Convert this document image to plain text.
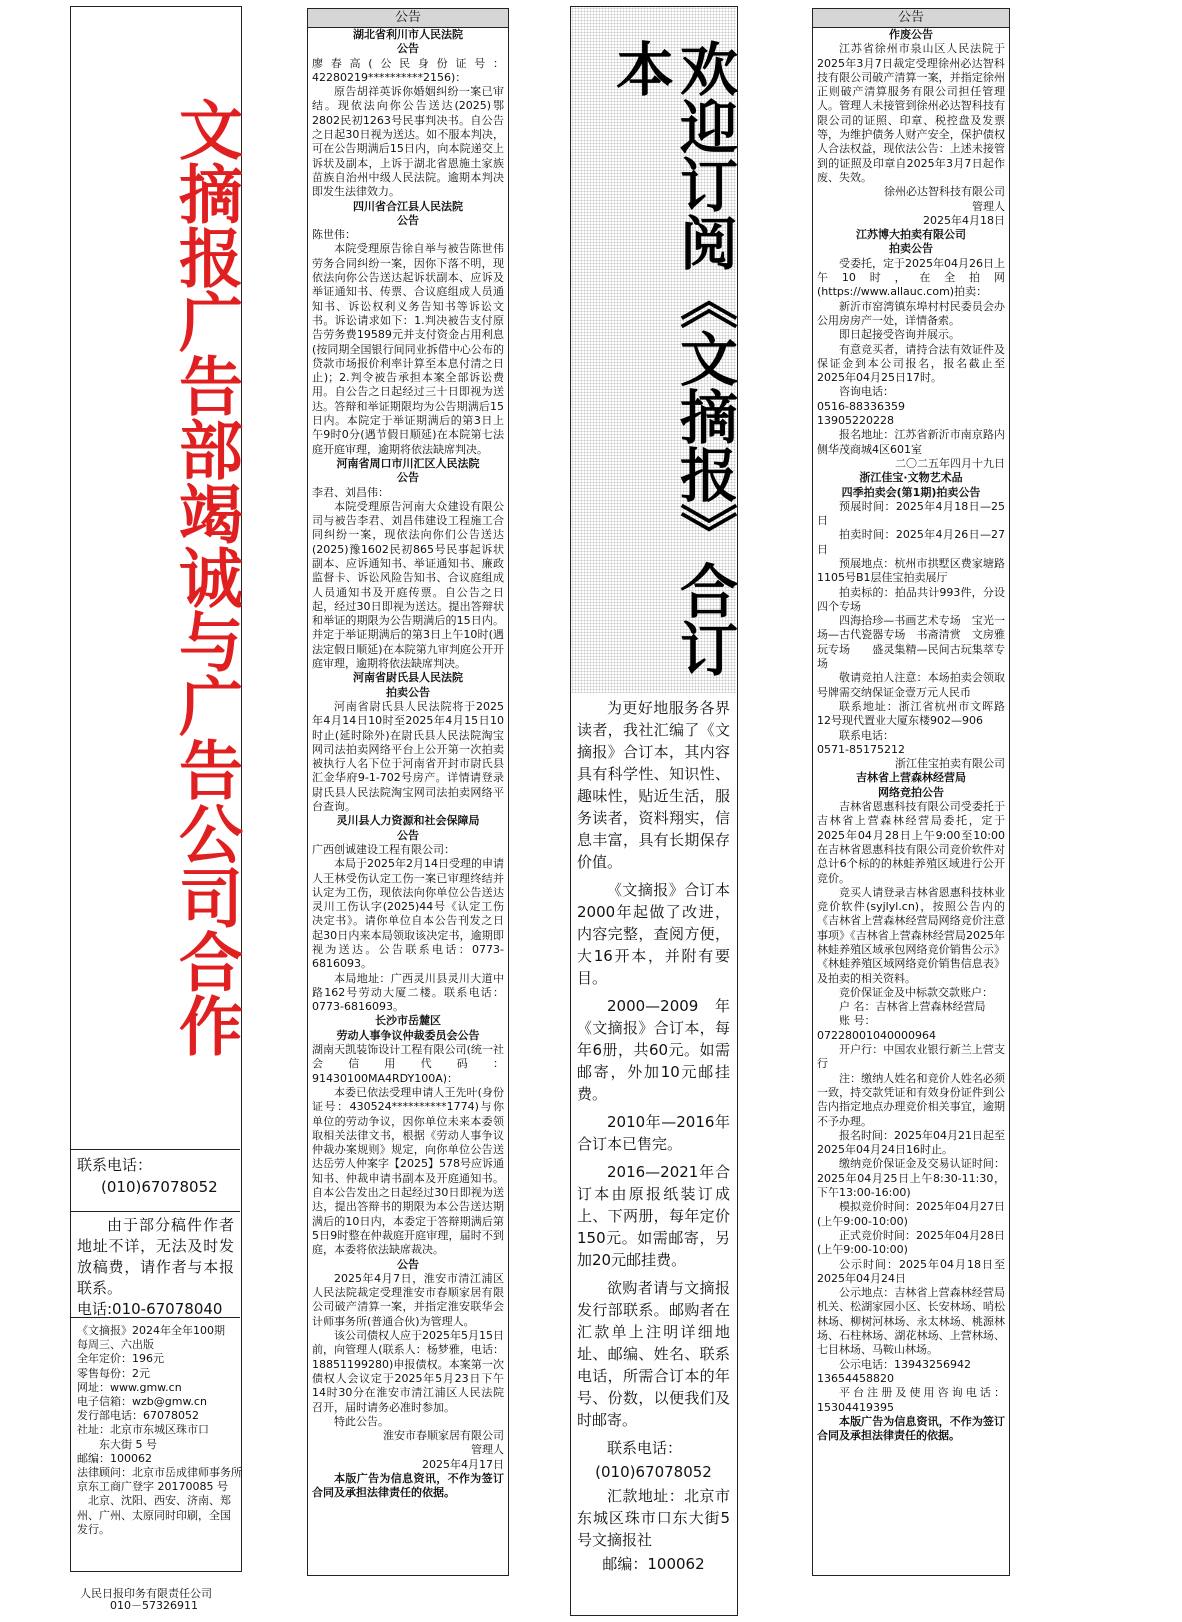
文摘报广告部竭诚与广告公司合作
联系电话：
(010)67078052

由于部分稿件作者地址不详，无法及时发放稿费，请作者与本报联系。

电话:010-67078040
《文摘报》2024年全年100期
每周三、六出版
全年定价：196元
零售每份：2元
网址：www.gmw.cn
电子信箱：wzb@gmw.cn
发行部电话：67078052
社址：北京市东城区珠市口
　　东大街 5 号
邮编：100062
法律顾问：北京市岳成律师事务所
京东工商广登字 20170085 号
　北京、沈阳、西安、济南、郑州、广州、太原同时印刷，全国发行。
人民日报印务有限责任公司
010－57326911
公告

湖北省利川市人民法院
公告

廖春高(公民身份证号：42280219**********2156)：

原告胡祥英诉你婚姻纠纷一案已审结。现依法向你公告送达(2025)鄂2802民初1263号民事判决书。自公告之日起30日视为送达。如不服本判决，可在公告期满后15日内，向本院递交上诉状及副本，上诉于湖北省恩施土家族苗族自治州中级人民法院。逾期本判决即发生法律效力。

四川省合江县人民法院
公告

陈世伟：

本院受理原告徐自举与被告陈世伟劳务合同纠纷一案，因你下落不明，现依法向你公告送达起诉状副本、应诉及举证通知书、传票、合议庭组成人员通知书、诉讼权利义务告知书等诉讼文书。诉讼请求如下：1.判决被告支付原告劳务费19589元并支付资金占用利息(按同期全国银行间同业拆借中心公布的贷款市场报价利率计算至本息付清之日止)；2.判令被告承担本案全部诉讼费用。自公告之日起经过三十日即视为送达。答辩和举证期限均为公告期满后15日内。本院定于举证期满后的第3日上午9时0分(遇节假日顺延)在本院第七法庭开庭审理，逾期将依法缺席判决。

河南省周口市川汇区人民法院
公告

李君、刘昌伟：

本院受理原告河南大众建设有限公司与被告李君、刘昌伟建设工程施工合同纠纷一案，现依法向你们公告送达(2025)豫1602民初865号民事起诉状副本、应诉通知书、举证通知书、廉政监督卡、诉讼风险告知书、合议庭组成人员通知书及开庭传票。自公告之日起，经过30日即视为送达。提出答辩状和举证的期限为公告期满后的15日内。并定于举证期满后的第3日上午10时(遇法定假日顺延)在本院第九审判庭公开开庭审理，逾期将依法缺席判决。

河南省尉氏县人民法院
拍卖公告

河南省尉氏县人民法院将于2025年4月14日10时至2025年4月15日10时止(延时除外)在尉氏县人民法院淘宝网司法拍卖网络平台上公开第一次拍卖被执行人名下位于河南省开封市尉氏县汇金华府9-1-702号房产。详情请登录尉氏县人民法院淘宝网司法拍卖网络平台查询。

灵川县人力资源和社会保障局
公告

广西创诚建设工程有限公司：

本局于2025年2月14日受理的申请人王林受伤认定工伤一案已审理终结并认定为工伤，现依法向你单位公告送达灵川工伤认字(2025)44号《认定工伤决定书》。请你单位自本公告刊发之日起30日内来本局领取该决定书，逾期即视为送达。公告联系电话：0773-6816093。

本局地址：广西灵川县灵川大道中路162号劳动大厦二楼。联系电话：0773-6816093。

长沙市岳麓区
劳动人事争议仲裁委员会公告

湖南天凯装饰设计工程有限公司(统一社会信用代码：91430100MA4RDY100A)：

本委已依法受理申请人王先叶(身份证号：430524**********1774)与你单位的劳动争议，因你单位未来本委领取相关法律文书，根据《劳动人事争议仲裁办案规则》规定，向你单位公告送达岳劳人仲案字【2025】578号应诉通知书、仲裁申请书副本及开庭通知书。自本公告发出之日起经过30日即视为送达，提出答辩书的期限为本公告送达期满后的10日内，本委定于答辩期满后第5日9时整在仲裁庭开庭审理，届时不到庭，本委将依法缺席裁决。

公告

2025年4月7日，淮安市清江浦区人民法院裁定受理淮安市春顺家居有限公司破产清算一案，并指定淮安联华会计师事务所(普通合伙)为管理人。

该公司债权人应于2025年5月15日前，向管理人(联系人：杨梦雅，电话：18851199280)申报债权。本案第一次债权人会议定于2025年5月23日下午14时30分在淮安市清江浦区人民法院召开，届时请务必准时参加。

特此公告。

淮安市春顺家居有限公司
管理人
2025年4月17日

本版广告为信息资讯，不作为签订合同及承担法律责任的依据。
欢迎订阅《文摘报》合订本

为更好地服务各界读者，我社汇编了《文摘报》合订本，其内容具有科学性、知识性、趣味性，贴近生活，服务读者，资料翔实，信息丰富，具有长期保存价值。

《文摘报》合订本2000年起做了改进，内容完整，查阅方便，大16开本，并附有要目。

2000—2009年《文摘报》合订本，每年6册，共60元。如需邮寄，外加10元邮挂费。

2010年—2016年合订本已售完。

2016—2021年合订本由原报纸装订成上、下两册，每年定价150元。如需邮寄，另加20元邮挂费。

欲购者请与文摘报发行部联系。邮购者在汇款单上注明详细地址、邮编、姓名、联系电话，所需合订本的年号、份数，以便我们及时邮寄。

联系电话：

(010)67078052

汇款地址：北京市东城区珠市口东大街5号文摘报社

邮编：100062

公告

作废公告

江苏省徐州市泉山区人民法院于2025年3月7日裁定受理徐州必达智科技有限公司破产清算一案，并指定徐州正则破产清算服务有限公司担任管理人。管理人未接管到徐州必达智科技有限公司的证照、印章、税控盘及发票等，为维护债务人财产安全，保护债权人合法权益，现依法公告：上述未接管到的证照及印章自2025年3月7日起作废、失效。

徐州必达智科技有限公司
管理人
2025年4月18日

江苏博大拍卖有限公司
拍卖公告

受委托，定于2025年04月26日上午10时，在全拍网(https://www.allauc.com)拍卖：

新沂市窑湾镇东埠村村民委员会办公用房房产一处，详情备索。

即日起接受咨询并展示。

有意竞买者，请持合法有效证件及保证金到本公司报名，报名截止至2025年04月25日17时。

咨询电话：
0516-88336359
13905220228

报名地址：江苏省新沂市南京路内侧华茂商城4区601室

二〇二五年四月十九日

浙江佳宝·文物艺术品
四季拍卖会(第1期)拍卖公告

预展时间：2025年4月18日—25日

拍卖时间：2025年4月26日—27日

预展地点：杭州市拱墅区费家塘路1105号B1层佳宝拍卖展厅

拍卖标的：拍品共计993件，分设四个专场

四海拾珍—书画艺术专场　宝光一场—古代瓷器专场　书斋清赏　文房雅玩专场　　盛灵集精—民间古玩集萃专场

敬请竞拍人注意：本场拍卖会领取号牌需交纳保证金壹万元人民币

联系地址：浙江省杭州市文晖路12号现代置业大厦东楼902—906

联系电话：
0571-85175212

浙江佳宝拍卖有限公司

吉林省上营森林经营局
网络竞拍公告

吉林省恩惠科技有限公司受委托于吉林省上营森林经营局委托，定于2025年04月28日上午9:00至10:00在吉林省恩惠科技有限公司竞价软件对总计6个标的的林蛙养殖区域进行公开竞价。

竞买人请登录吉林省恩惠科技林业竞价软件(syjlyl.cn)，按照公告内的《吉林省上营森林经营局网络竞价注意事项》《吉林省上营森林经营局2025年林蛙养殖区域承包网络竞价销售公示》《林蛙养殖区域网络竞价销售信息表》及拍卖的相关资料。

竞价保证金及中标款交款账户：

户 名：吉林省上营森林经营局

账 号：
07228001040000964

开户行：中国农业银行新兰上营支行

注：缴纳人姓名和竞价人姓名必须一致，持交款凭证和有效身份证件到公告内指定地点办理竞价相关事宜，逾期不予办理。

报名时间：2025年04月21日起至2025年04月24日16时止。

缴纳竞价保证金及交易认证时间：2025年04月25日上午8:30-11:30，下午13:00-16:00)

模拟竞价时间：2025年04月27日(上午9:00-10:00)

正式竞价时间：2025年04月28日(上午9:00-10:00)

公示时间：2025年04月18日至2025年04月24日

公示地点：吉林省上营森林经营局机关、松湖家园小区、长安林场、哨松林场、柳树河林场、永太林场、桃源林场、石柱林场、湖花林场、上营林场、七目林场、马鞍山林场。

公示电话：13943256942
13654458820

平台注册及使用咨询电话：15304419395

本版广告为信息资讯，不作为签订合同及承担法律责任的依据。
